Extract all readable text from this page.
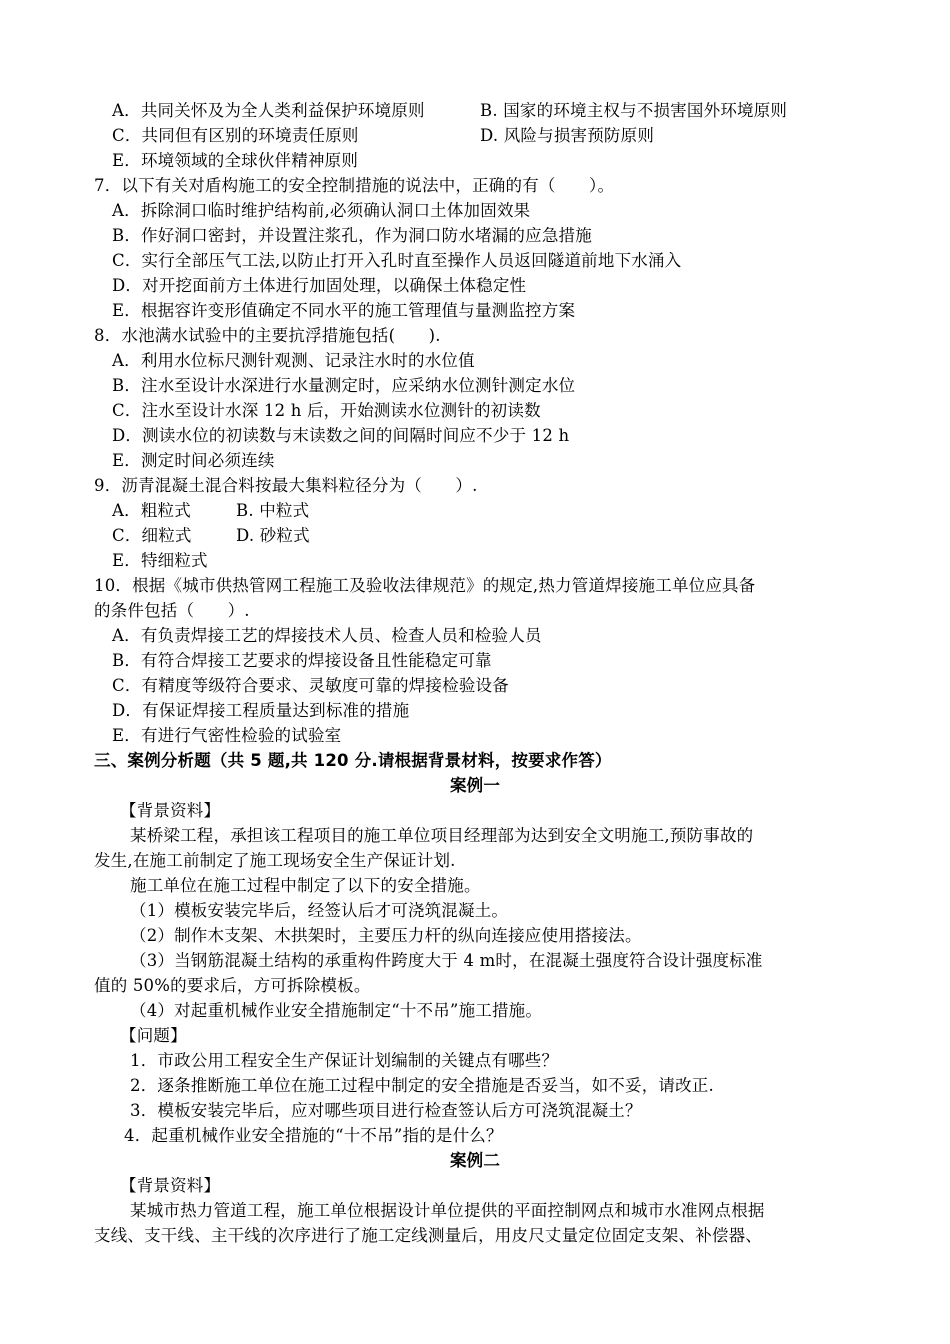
A．共同关怀及为全人类利益保护环境原则	B. 国家的环境主权与不损害国外环境原则
C．共同但有区别的环境责任原则	D. 风险与损害预防原则
E．环境领域的全球伙伴精神原则
7．以下有关对盾构施工的安全控制措施的说法中，正确的有（　　）。
A．拆除洞口临时维护结构前,必须确认洞口土体加固效果
B．作好洞口密封，并设置注浆孔，作为洞口防水堵漏的应急措施
C．实行全部压气工法,以防止打开入孔时直至操作人员返回隧道前地下水涌入
D．对开挖面前方土体进行加固处理，以确保土体稳定性
E．根据容许变形值确定不同水平的施工管理值与量测监控方案
8．水池满水试验中的主要抗浮措施包括(　　).
A．利用水位标尺测针观测、记录注水时的水位值
B．注水至设计水深进行水量测定时，应采纳水位测针测定水位
C．注水至设计水深 12 h 后，开始测读水位测针的初读数
D．测读水位的初读数与末读数之间的间隔时间应不少于 12 h
E．测定时间必须连续
9．沥青混凝土混合料按最大集料粒径分为（　　）.
A．粗粒式	B. 中粒式
C．细粒式	D. 砂粒式
E．特细粒式
10．根据《城市供热管网工程施工及验收法律规范》的规定,热力管道焊接施工单位应具备
的条件包括（　　）.
A．有负责焊接工艺的焊接技术人员、检查人员和检验人员
B．有符合焊接工艺要求的焊接设备且性能稳定可靠
C．有精度等级符合要求、灵敏度可靠的焊接检验设备
D．有保证焊接工程质量达到标准的措施
E．有进行气密性检验的试验室
三、案例分析题（共 5 题,共 120 分.请根据背景材料，按要求作答）
案例一
【背景资料】
某桥梁工程，承担该工程项目的施工单位项目经理部为达到安全文明施工,预防事故的
发生,在施工前制定了施工现场安全生产保证计划.
施工单位在施工过程中制定了以下的安全措施。
（1）模板安装完毕后，经签认后才可浇筑混凝土。
（2）制作木支架、木拱架时，主要压力杆的纵向连接应使用搭接法。
（3）当钢筋混凝土结构的承重构件跨度大于 4 m时，在混凝土强度符合设计强度标准
值的 50%的要求后，方可拆除模板。
（4）对起重机械作业安全措施制定“十不吊”施工措施。
【问题】
1．市政公用工程安全生产保证计划编制的关键点有哪些？
2．逐条推断施工单位在施工过程中制定的安全措施是否妥当，如不妥，请改正.
3．模板安装完毕后，应对哪些项目进行检查签认后方可浇筑混凝土？
4．起重机械作业安全措施的“十不吊”指的是什么？
案例二
【背景资料】
某城市热力管道工程，施工单位根据设计单位提供的平面控制网点和城市水准网点根据
支线、支干线、主干线的次序进行了施工定线测量后，用皮尺丈量定位固定支架、补偿器、
